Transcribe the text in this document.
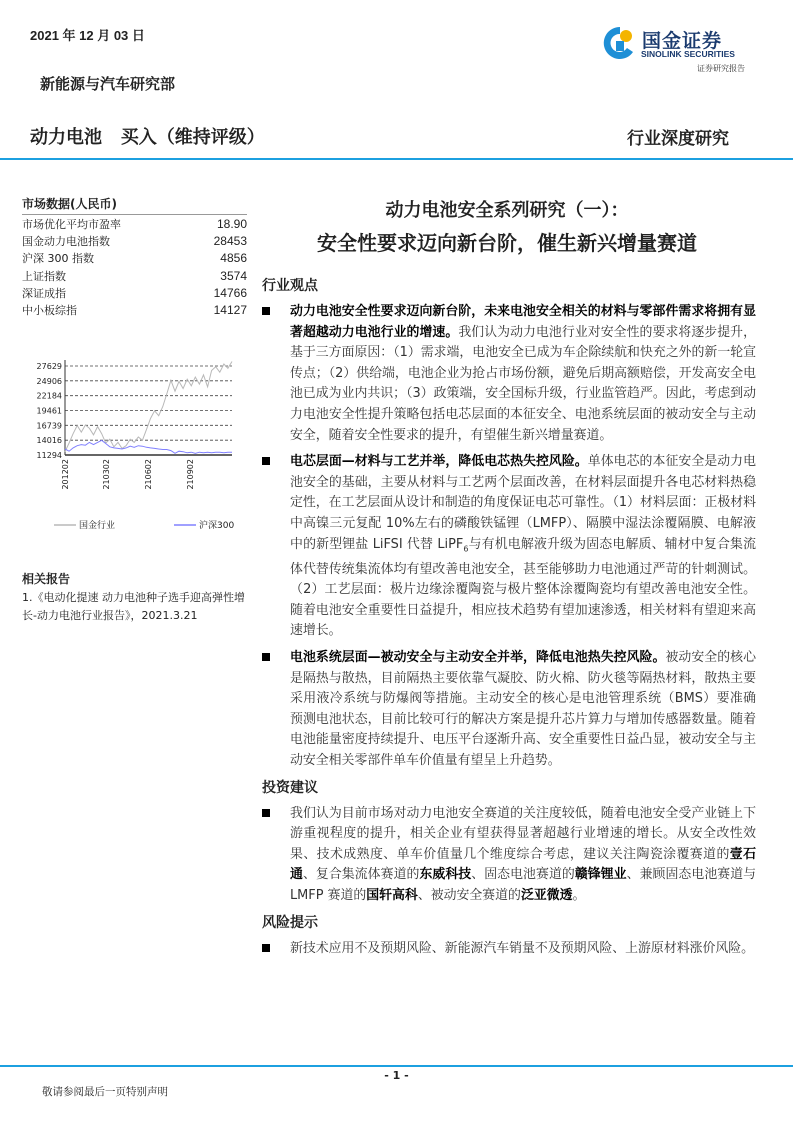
2021 年 12 月 03 日	国金证券
SINOLINK SECURITIES
证券研究报告
新能源与汽车研究部
动力电池   买入（维持评级）	行业深度研究
市场数据(人民币)
市场优化平均市盈率	18.90
国金动力电池指数	28453
沪深 300 指数	4856
上证指数	3574
深证成指	14766
中小板综指	14127
27629
24906
22184
19461
16739
14016
11294
201202	210302	210602	210902
国金行业	沪深300
相关报告
1.《电动化提速 动力电池种子选手迎高弹性增长-动力电池行业报告》，2021.3.21
动力电池安全系列研究（一）：
安全性要求迈向新台阶，催生新兴增量赛道
行业观点

动力电池安全性要求迈向新台阶，未来电池安全相关的材料与零部件需求将拥有显著超越动力电池行业的增速。我们认为动力电池行业对安全性的要求将逐步提升，基于三方面原因：（1）需求端，电池安全已成为车企除续航和快充之外的新一轮宣传点；（2）供给端，电池企业为抢占市场份额，避免后期高额赔偿，开发高安全电池已成为业内共识；（3）政策端，安全国标升级，行业监管趋严。因此，考虑到动力电池安全性提升策略包括电芯层面的本征安全、电池系统层面的被动安全与主动安全，随着安全性要求的提升，有望催生新兴增量赛道。

电芯层面—材料与工艺并举，降低电芯热失控风险。单体电芯的本征安全是动力电池安全的基础，主要从材料与工艺两个层面改善，在材料层面提升各电芯材料热稳定性，在工艺层面从设计和制造的角度保证电芯可靠性。（1）材料层面：正极材料中高镍三元复配 10%左右的磷酸铁锰锂（LMFP）、隔膜中湿法涂覆隔膜、电解液中的新型锂盐 LiFSI 代替 LiPF$_6$与有机电解液升级为固态电解质、辅材中复合集流体代替传统集流体均有望改善电池安全，甚至能够助力电池通过严苛的针刺测试。（2）工艺层面：极片边缘涂覆陶瓷与极片整体涂覆陶瓷均有望改善电池安全性。随着电池安全重要性日益提升，相应技术趋势有望加速渗透，相关材料有望迎来高速增长。

电池系统层面—被动安全与主动安全并举，降低电池热失控风险。被动安全的核心是隔热与散热，目前隔热主要依靠气凝胶、防火棉、防火毯等隔热材料，散热主要采用液冷系统与防爆阀等措施。主动安全的核心是电池管理系统（BMS）要准确预测电池状态，目前比较可行的解决方案是提升芯片算力与增加传感器数量。随着电池能量密度持续提升、电压平台逐渐升高、安全重要性日益凸显，被动安全与主动安全相关零部件单车价值量有望呈上升趋势。

投资建议

我们认为目前市场对动力电池安全赛道的关注度较低，随着电池安全受产业链上下游重视程度的提升，相关企业有望获得显著超越行业增速的增长。从安全改性效果、技术成熟度、单车价值量几个维度综合考虑，建议关注陶瓷涂覆赛道的壹石通、复合集流体赛道的东威科技、固态电池赛道的赣锋锂业、兼顾固态电池赛道与 LMFP 赛道的国轩高科、被动安全赛道的泛亚微透。

风险提示

新技术应用不及预期风险、新能源汽车销量不及预期风险、上游原材料涨价风险。

- 1 -
敬请参阅最后一页特别声明
